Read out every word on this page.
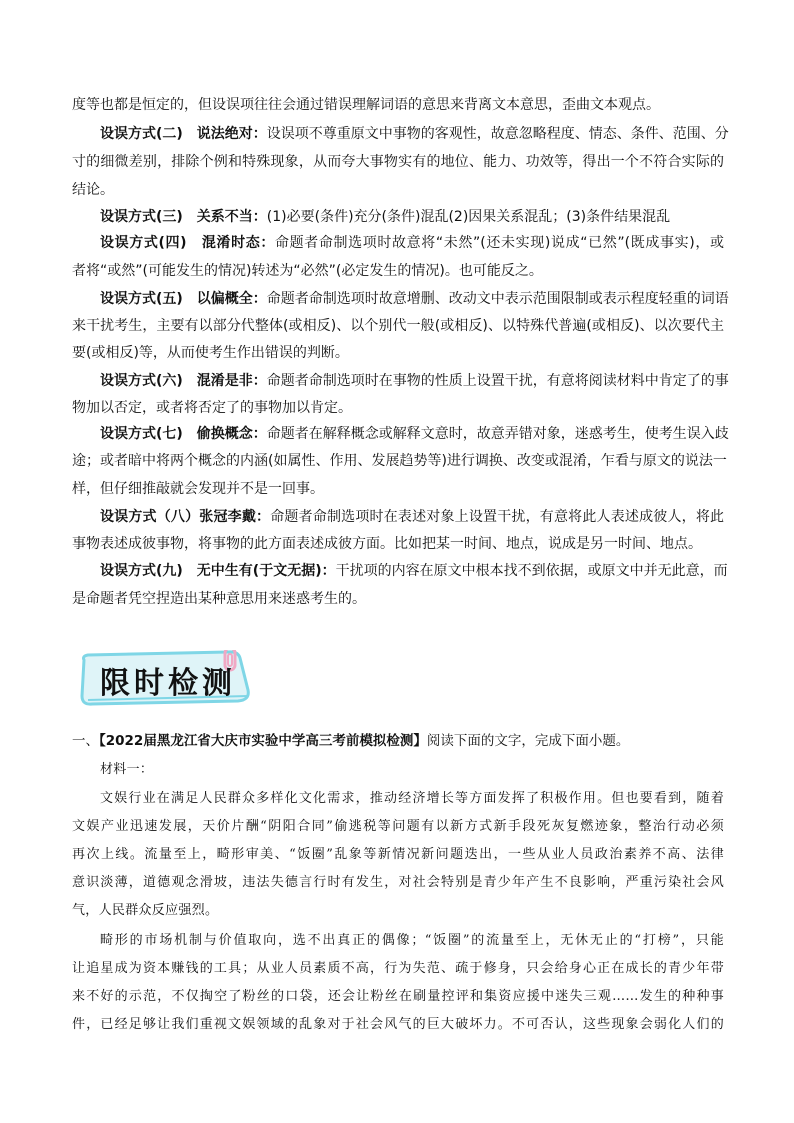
度等也都是恒定的，但设误项往往会通过错误理解词语的意思来背离文本意思，歪曲文本观点。
设误方式(二)　说法绝对：设误项不尊重原文中事物的客观性，故意忽略程度、情态、条件、范围、分
寸的细微差别，排除个例和特殊现象，从而夸大事物实有的地位、能力、功效等，得出一个不符合实际的
结论。
设误方式(三)　关系不当：(1)必要(条件)充分(条件)混乱(2)因果关系混乱；(3)条件结果混乱
设误方式(四)　混淆时态：命题者命制选项时故意将“未然”(还未实现)说成“已然”(既成事实)，或
者将“或然”(可能发生的情况)转述为“必然”(必定发生的情况)。也可能反之。
设误方式(五)　以偏概全：命题者命制选项时故意增删、改动文中表示范围限制或表示程度轻重的词语
来干扰考生，主要有以部分代整体(或相反)、以个别代一般(或相反)、以特殊代普遍(或相反)、以次要代主
要(或相反)等，从而使考生作出错误的判断。
设误方式(六)　混淆是非：命题者命制选项时在事物的性质上设置干扰，有意将阅读材料中肯定了的事
物加以否定，或者将否定了的事物加以肯定。
设误方式(七)　偷换概念：命题者在解释概念或解释文意时，故意弄错对象，迷惑考生，使考生误入歧
途；或者暗中将两个概念的内涵(如属性、作用、发展趋势等)进行调换、改变或混淆，乍看与原文的说法一
样，但仔细推敲就会发现并不是一回事。
设误方式（八）张冠李戴：命题者命制选项时在表述对象上设置干扰，有意将此人表述成彼人，将此
事物表述成彼事物，将事物的此方面表述成彼方面。比如把某一时间、地点，说成是另一时间、地点。
设误方式(九)　无中生有(于文无据)：干扰项的内容在原文中根本找不到依据，或原文中并无此意，而
是命题者凭空捏造出某种意思用来迷惑考生的。
限时检测
一、【2022届黑龙江省大庆市实验中学高三考前模拟检测】阅读下面的文字，完成下面小题。
材料一：
文娱行业在满足人民群众多样化文化需求，推动经济增长等方面发挥了积极作用。但也要看到，随着
文娱产业迅速发展，天价片酬“阴阳合同”偷逃税等问题有以新方式新手段死灰复燃迹象，整治行动必须
再次上线。流量至上，畸形审美、“饭圈”乱象等新情况新问题迭出，一些从业人员政治素养不高、法律
意识淡薄，道德观念滑坡，违法失德言行时有发生，对社会特别是青少年产生不良影响，严重污染社会风
气，人民群众反应强烈。
畸形的市场机制与价值取向，选不出真正的偶像；“饭圈”的流量至上，无休无止的“打榜”，只能
让追星成为资本赚钱的工具；从业人员素质不高，行为失范、疏于修身，只会给身心正在成长的青少年带
来不好的示范，不仅掏空了粉丝的口袋，还会让粉丝在刷量控评和集资应援中迷失三观……发生的种种事
件，已经足够让我们重视文娱领域的乱象对于社会风气的巨大破坏力。不可否认，这些现象会弱化人们的
